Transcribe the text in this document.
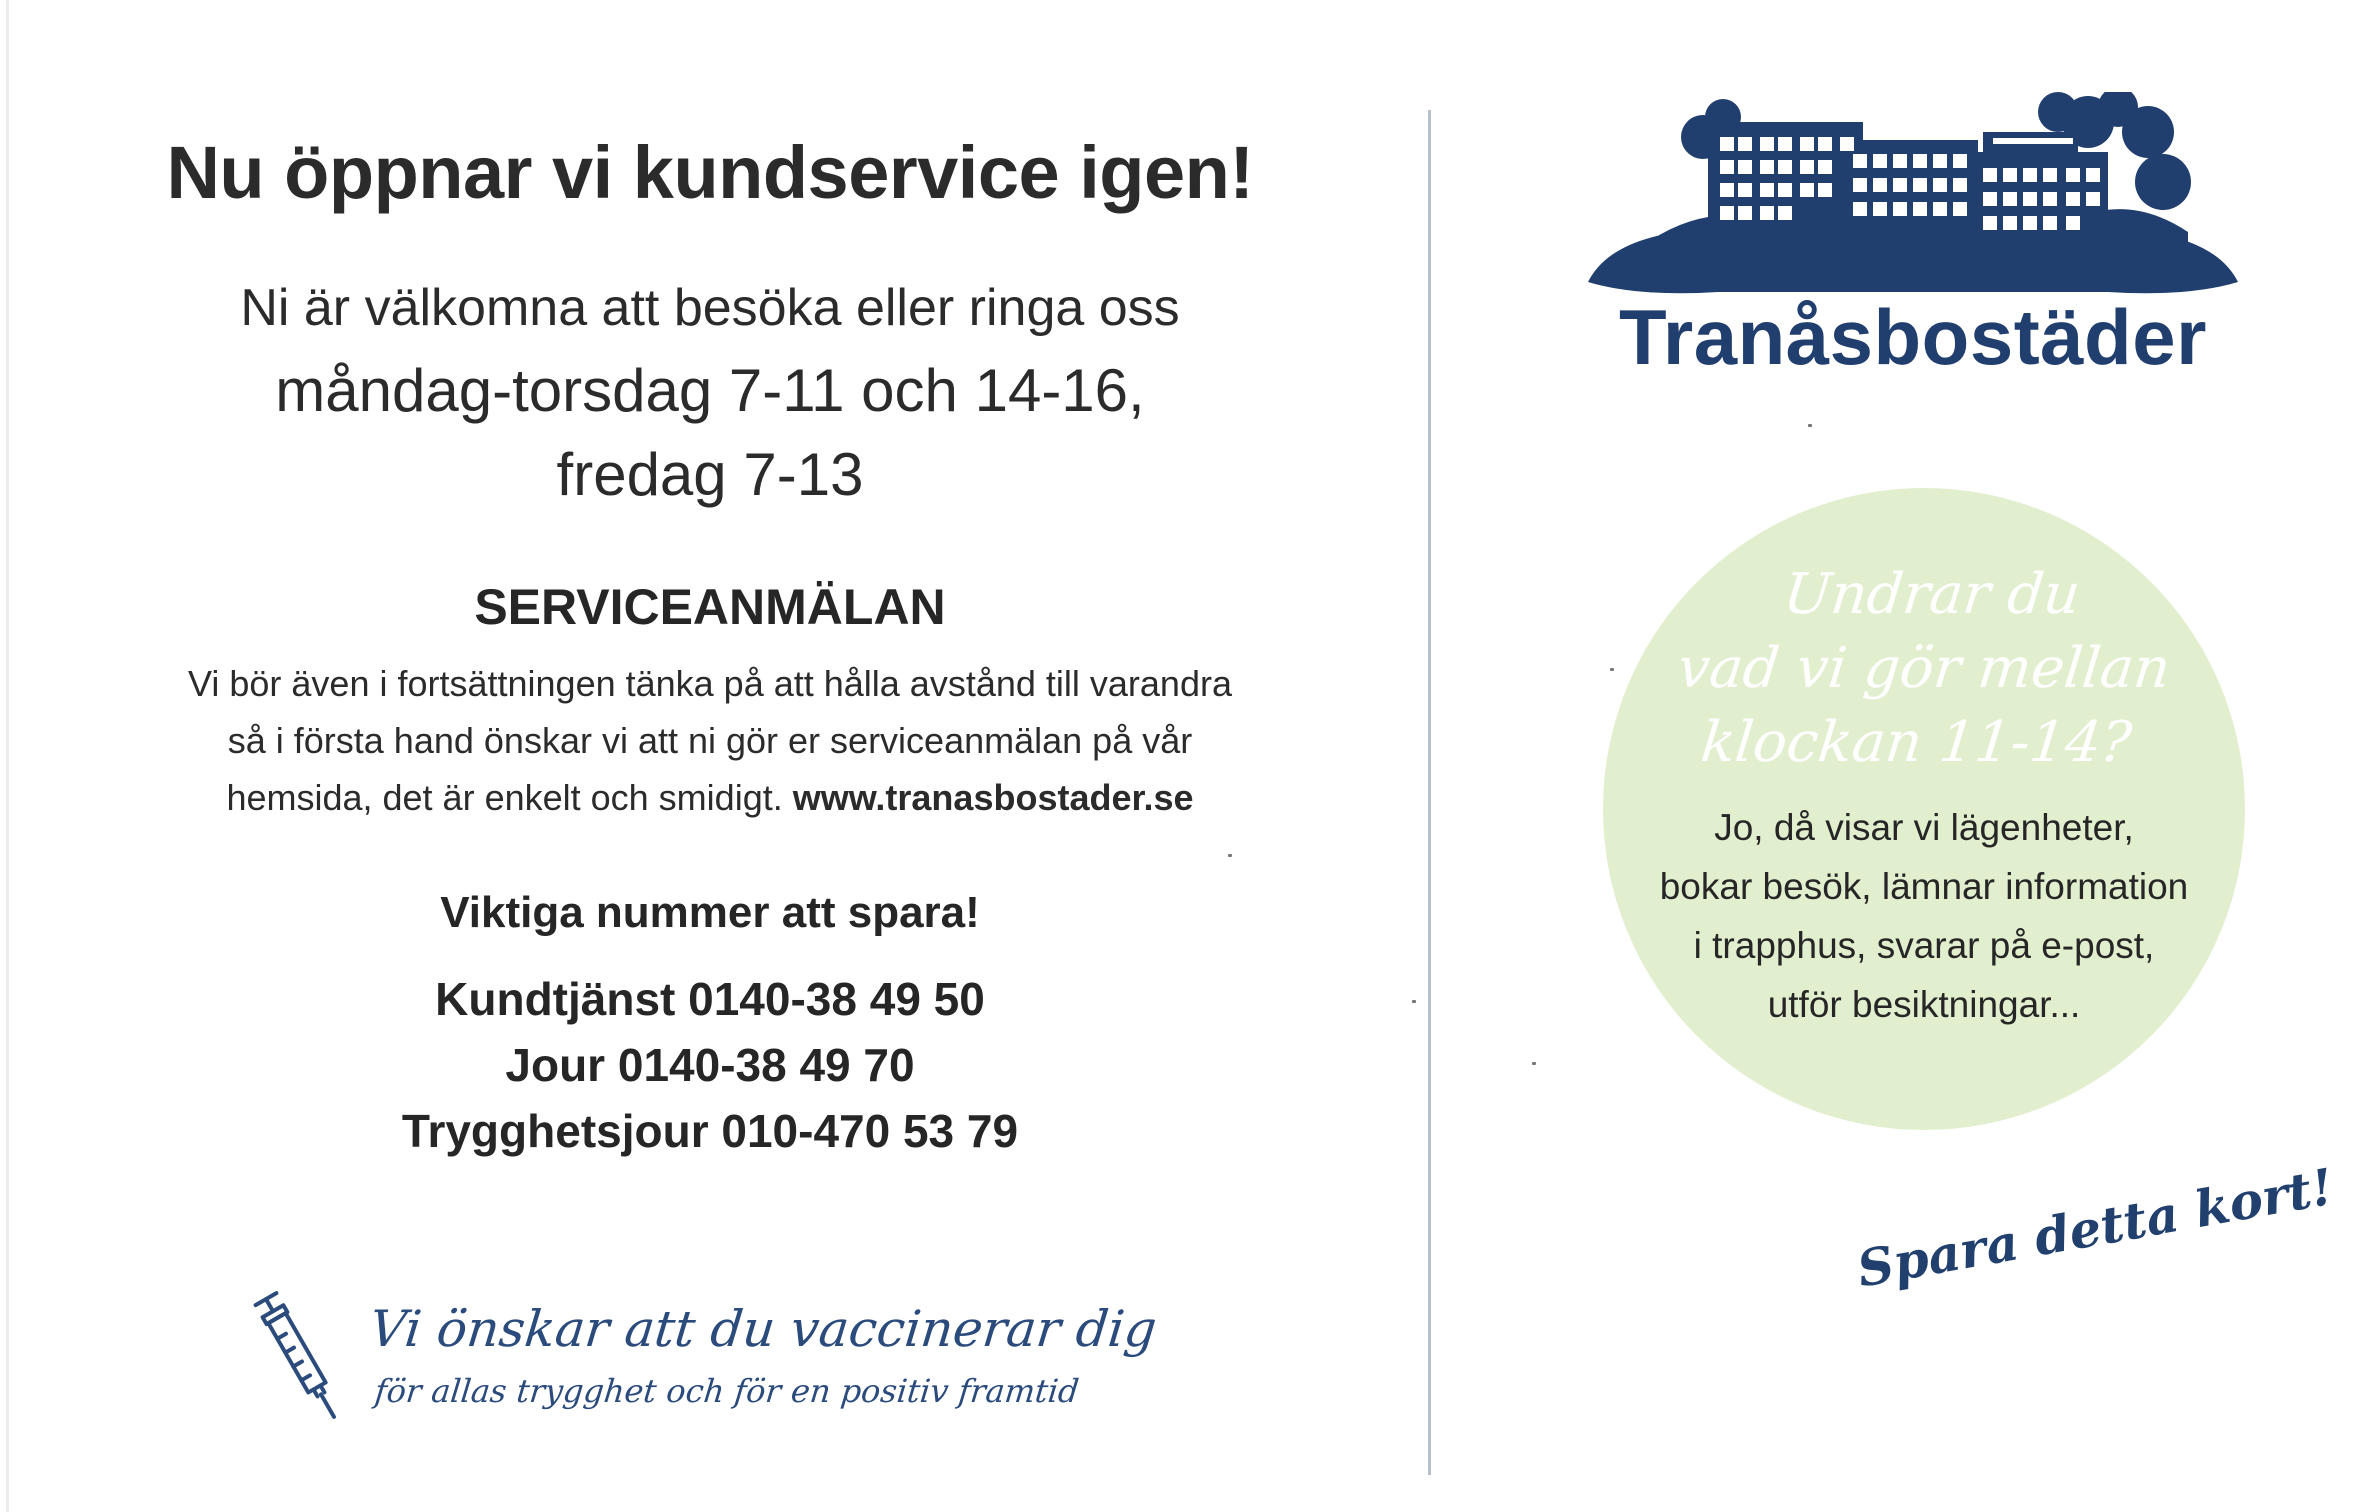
Nu öppnar vi kundservice igen!
Ni är välkomna att besöka eller ringa oss
måndag-torsdag 7-11 och 14-16,
fredag 7-13
SERVICEANMÄLAN
Vi bör även i fortsättningen tänka på att hålla avstånd till varandra
så i första hand önskar vi att ni gör er serviceanmälan på vår
hemsida, det är enkelt och smidigt. www.tranasbostader.se
Viktiga nummer att spara!
Kundtjänst 0140-38 49 50
Jour 0140-38 49 70
Trygghetsjour 010-470 53 79
Vi önskar att du vaccinerar dig
för allas trygghet och för en positiv framtid
Tranåsbostäder
Undrar du
vad vi gör mellan
klockan 11-14?
Jo, då visar vi lägenheter,
bokar besök, lämnar information
i trapphus, svarar på e-post,
utför besiktningar...
Spara detta kort!
